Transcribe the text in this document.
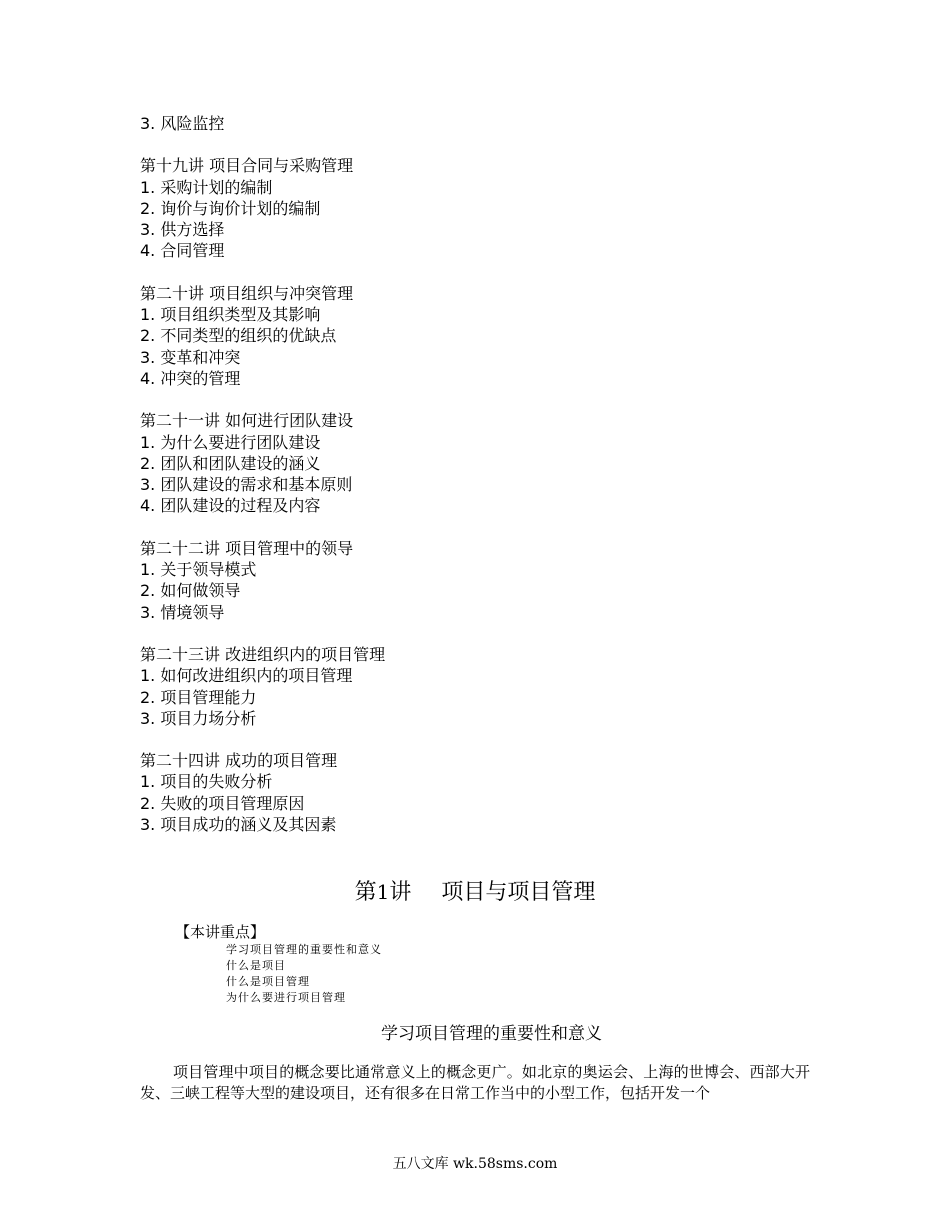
3. 风险监控
第十九讲 项目合同与采购管理
1. 采购计划的编制
2. 询价与询价计划的编制
3. 供方选择
4. 合同管理
第二十讲 项目组织与冲突管理
1. 项目组织类型及其影响
2. 不同类型的组织的优缺点
3. 变革和冲突
4. 冲突的管理
第二十一讲 如何进行团队建设
1. 为什么要进行团队建设
2. 团队和团队建设的涵义
3. 团队建设的需求和基本原则
4. 团队建设的过程及内容
第二十二讲 项目管理中的领导
1. 关于领导模式
2. 如何做领导
3. 情境领导
第二十三讲 改进组织内的项目管理
1. 如何改进组织内的项目管理
2. 项目管理能力
3. 项目力场分析
第二十四讲 成功的项目管理
1. 项目的失败分析
2. 失败的项目管理原因
3. 项目成功的涵义及其因素
第1讲 项目与项目管理
【本讲重点】
学习项目管理的重要性和意义
什么是项目
什么是项目管理
为什么要进行项目管理
学习项目管理的重要性和意义

项目管理中项目的概念要比通常意义上的概念更广。如北京的奥运会、上海的世博会、西部大开发、三峡工程等大型的建设项目，还有很多在日常工作当中的小型工作，包括开发一个

五八文库 wk.58sms.com
